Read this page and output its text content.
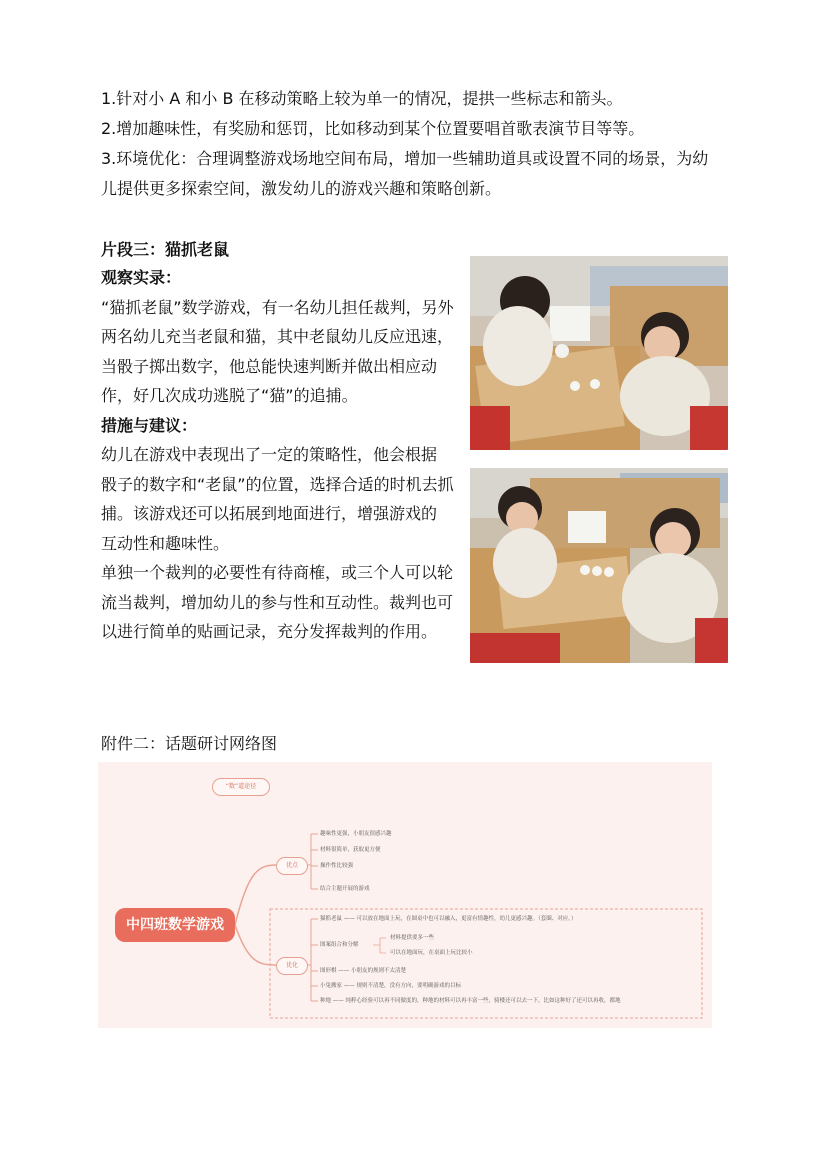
1.针对小 A 和小 B 在移动策略上较为单一的情况，提拱一些标志和箭头。
2.增加趣味性，有奖励和惩罚，比如移动到某个位置要唱首歌表演节目等等。
3.环境优化：合理调整游戏场地空间布局，增加一些辅助道具或设置不同的场景，为幼
儿提供更多探索空间，激发幼儿的游戏兴趣和策略创新。
片段三：猫抓老鼠
观察实录：
“猫抓老鼠”数学游戏，有一名幼儿担任裁判，另外
两名幼儿充当老鼠和猫，其中老鼠幼儿反应迅速，
当骰子掷出数字，他总能快速判断并做出相应动
作，好几次成功逃脱了“猫”的追捕。
措施与建议：
幼儿在游戏中表现出了一定的策略性，他会根据
骰子的数字和“老鼠”的位置，选择合适的时机去抓
捕。该游戏还可以拓展到地面进行，增强游戏的
互动性和趣味性。
单独一个裁判的必要性有待商榷，或三个人可以轮
流当裁判，增加幼儿的参与性和互动性。裁判也可
以进行简单的贴画记录，充分发挥裁判的作用。
附件二：话题研讨网络图
“数”道途径
中四班数学游戏
优点
趣味性更强，小朋友很感兴趣
材料很简单，获取更方便
操作性比较强
结合主题开展的游戏
优化
猫抓老鼠 —— 可以放在地面上玩，在圆桌中也可以融入，更富有情趣性，幼儿更感兴趣。（套圈、对应。）
图案组合和分解
材料提供要多一些
可以在地面玩，在桌面上玩比较小
图形棋 —— 小朋友的规则不太清楚
小兔搬家 —— 规则不清楚，没有方向，要明确游戏的目标
种地 —— 纯粹心经验可以再不同做度的，种地的材料可以再丰富一些，骑楼还可以去一下，比如这种好了还可以再收，都地
